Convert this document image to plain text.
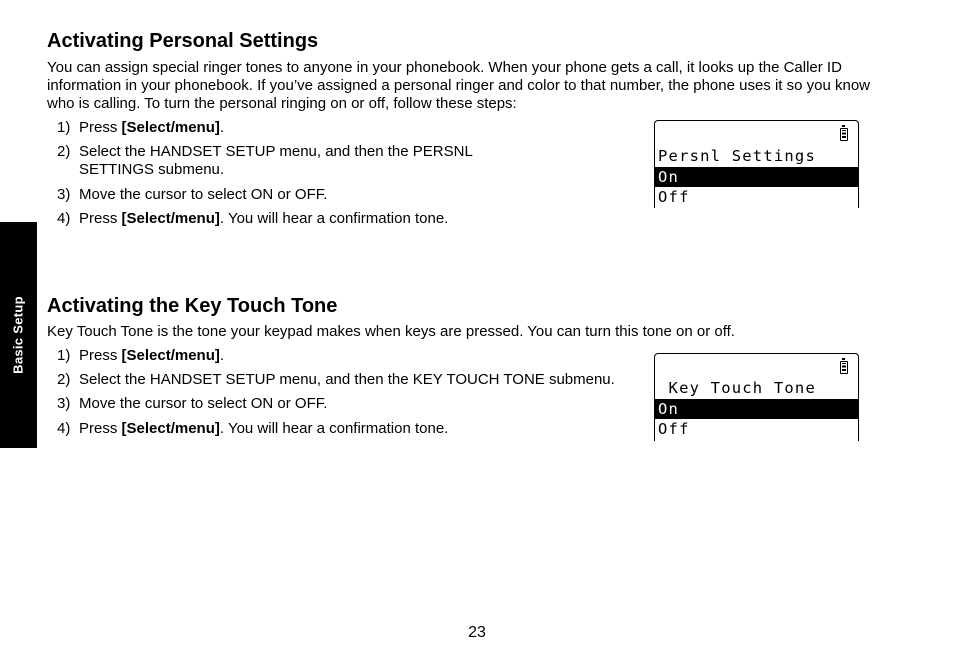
Basic Setup
Activating Personal Settings

You can assign special ringer tones to anyone in your phonebook. When your phone gets a call, it looks up the Caller ID information in your phonebook. If you’ve assigned a personal ringer and color to that number, the phone uses it so you know who is calling. To turn the personal ringing on or off, follow these steps:

1) Press [Select/menu].
2) Select the HANDSET SETUP menu, and then the PERSNL SETTINGS submenu.
3) Move the cursor to select ON or OFF.
4) Press [Select/menu]. You will hear a confirmation tone.
Persnl Settings
On
Off
Activating the Key Touch Tone

Key Touch Tone is the tone your keypad makes when keys are pressed. You can turn this tone on or off.

1) Press [Select/menu].
2) Select the HANDSET SETUP menu, and then the KEY TOUCH TONE submenu.
3) Move the cursor to select ON or OFF.
4) Press [Select/menu]. You will hear a confirmation tone.
Key Touch Tone
On
Off
23
